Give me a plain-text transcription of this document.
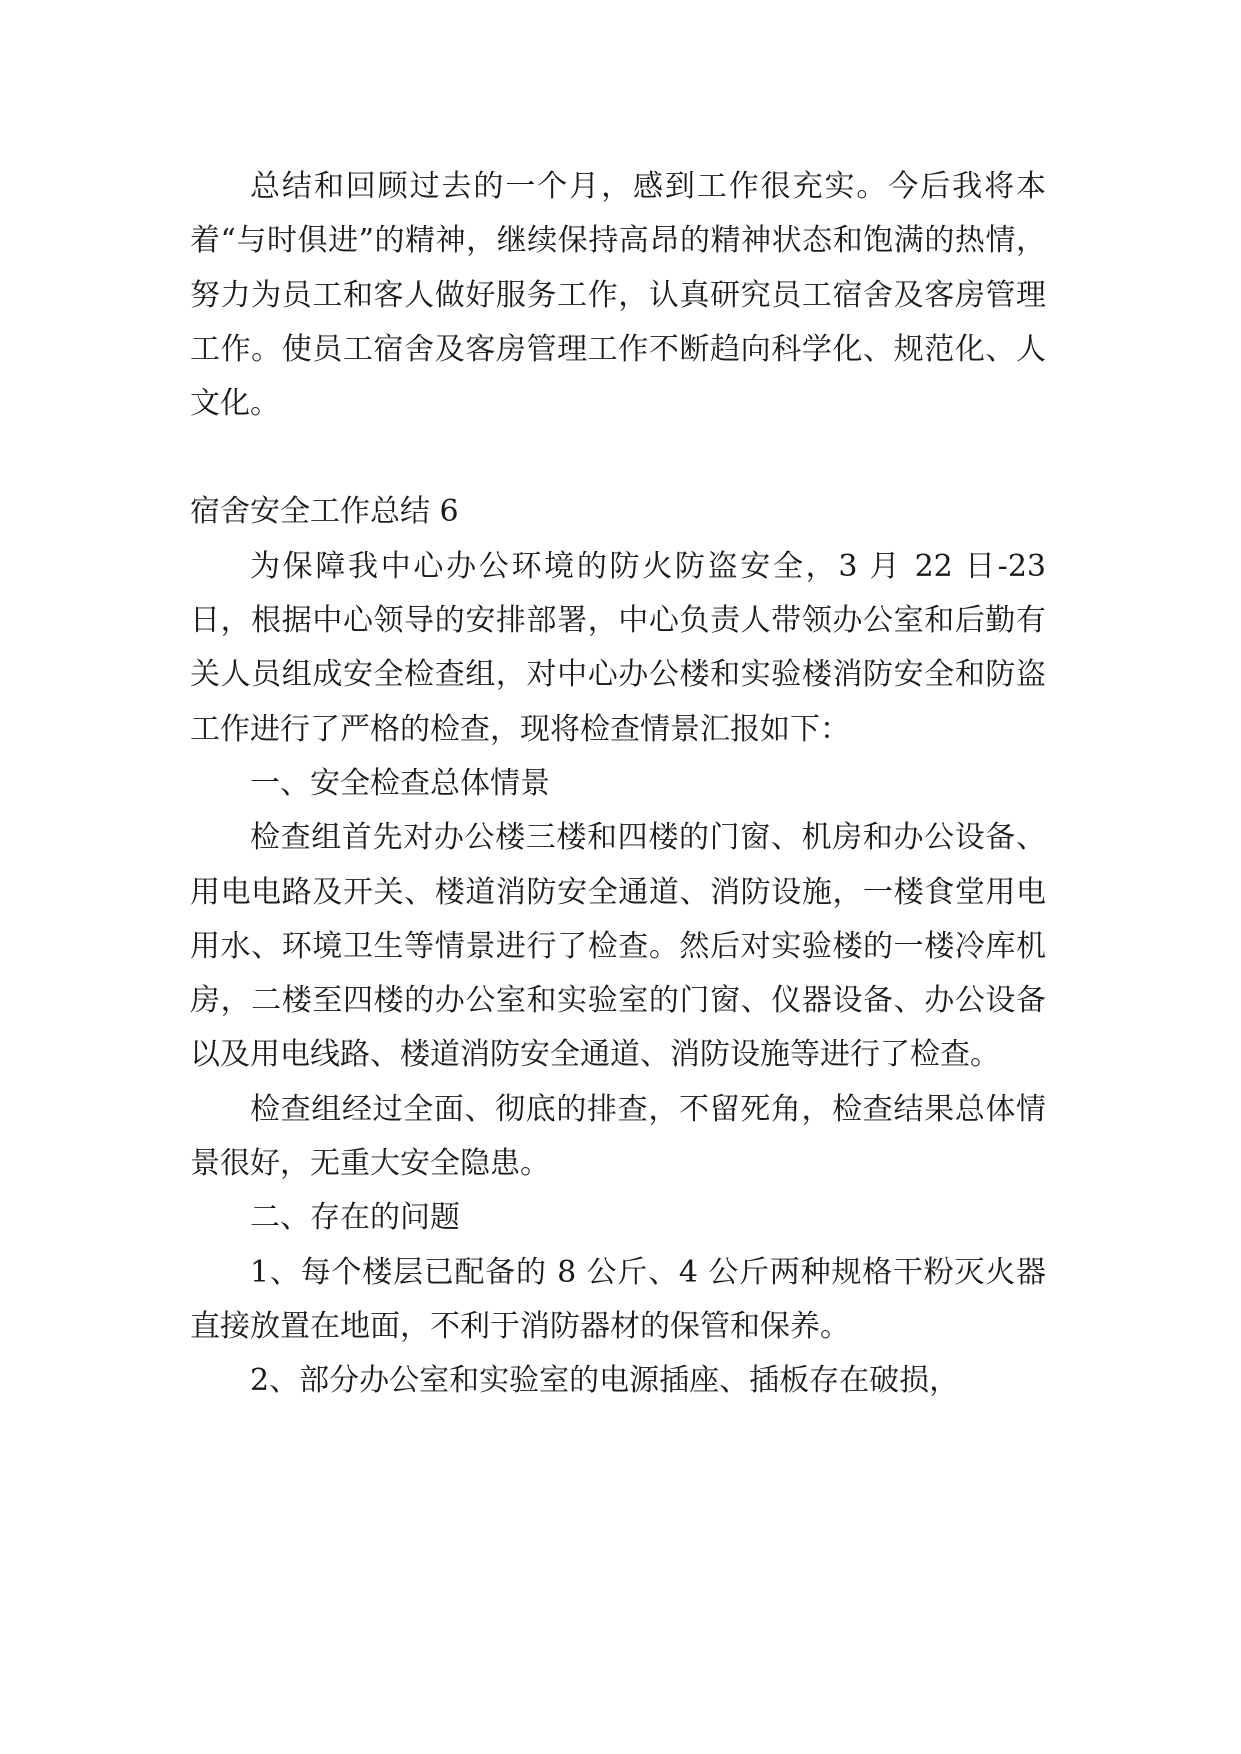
总结和回顾过去的一个月，感到工作很充实。今后我将本着“与时俱进”的精神，继续保持高昂的精神状态和饱满的热情，努力为员工和客人做好服务工作，认真研究员工宿舍及客房管理工作。使员工宿舍及客房管理工作不断趋向科学化、规范化、人文化。

宿舍安全工作总结 6

为保障我中心办公环境的防火防盗安全，3 月 22 日-23 日，根据中心领导的安排部署，中心负责人带领办公室和后勤有关人员组成安全检查组，对中心办公楼和实验楼消防安全和防盗工作进行了严格的检查，现将检查情景汇报如下：

一、安全检查总体情景

检查组首先对办公楼三楼和四楼的门窗、机房和办公设备、用电电路及开关、楼道消防安全通道、消防设施，一楼食堂用电用水、环境卫生等情景进行了检查。然后对实验楼的一楼冷库机房，二楼至四楼的办公室和实验室的门窗、仪器设备、办公设备以及用电线路、楼道消防安全通道、消防设施等进行了检查。

检查组经过全面、彻底的排查，不留死角，检查结果总体情景很好，无重大安全隐患。

二、存在的问题

1、每个楼层已配备的 8 公斤、4 公斤两种规格干粉灭火器直接放置在地面，不利于消防器材的保管和保养。

2、部分办公室和实验室的电源插座、插板存在破损，
